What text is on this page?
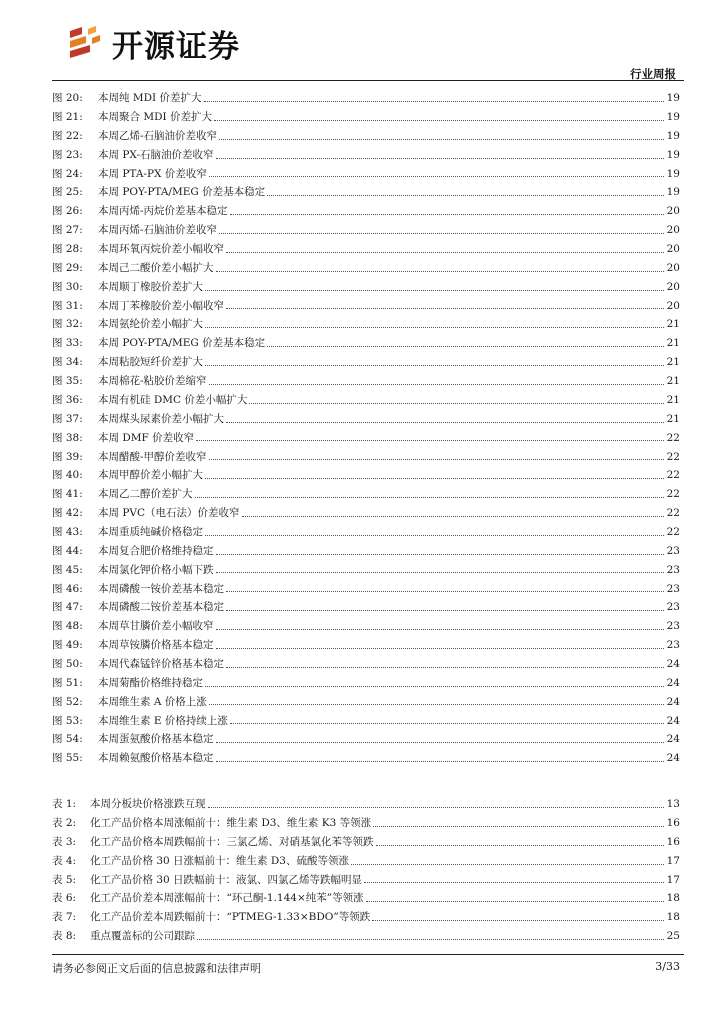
开源证券
行业周报
图 20:	本周纯 MDI 价差扩大	19
图 21:	本周聚合 MDI 价差扩大	19
图 22:	本周乙烯-石脑油价差收窄	19
图 23:	本周 PX-石脑油价差收窄	19
图 24:	本周 PTA-PX 价差收窄	19
图 25:	本周 POY-PTA/MEG 价差基本稳定	19
图 26:	本周丙烯-丙烷价差基本稳定	20
图 27:	本周丙烯-石脑油价差收窄	20
图 28:	本周环氧丙烷价差小幅收窄	20
图 29:	本周己二酸价差小幅扩大	20
图 30:	本周顺丁橡胶价差扩大	20
图 31:	本周丁苯橡胶价差小幅收窄	20
图 32:	本周氨纶价差小幅扩大	21
图 33:	本周 POY-PTA/MEG 价差基本稳定	21
图 34:	本周粘胶短纤价差扩大	21
图 35:	本周棉花-粘胶价差缩窄	21
图 36:	本周有机硅 DMC 价差小幅扩大	21
图 37:	本周煤头尿素价差小幅扩大	21
图 38:	本周 DMF 价差收窄	22
图 39:	本周醋酸-甲醇价差收窄	22
图 40:	本周甲醇价差小幅扩大	22
图 41:	本周乙二醇价差扩大	22
图 42:	本周 PVC（电石法）价差收窄	22
图 43:	本周重质纯碱价格稳定	22
图 44:	本周复合肥价格维持稳定	23
图 45:	本周氯化钾价格小幅下跌	23
图 46:	本周磷酸一铵价差基本稳定	23
图 47:	本周磷酸二铵价差基本稳定	23
图 48:	本周草甘膦价差小幅收窄	23
图 49:	本周草铵膦价格基本稳定	23
图 50:	本周代森锰锌价格基本稳定	24
图 51:	本周菊酯价格维持稳定	24
图 52:	本周维生素 A 价格上涨	24
图 53:	本周维生素 E 价格持续上涨	24
图 54:	本周蛋氨酸价格基本稳定	24
图 55:	本周赖氨酸价格基本稳定	24
表 1:	本周分板块价格涨跌互现	13
表 2:	化工产品价格本周涨幅前十：维生素 D3、维生素 K3 等领涨	16
表 3:	化工产品价格本周跌幅前十：三氯乙烯、对硝基氯化苯等领跌	16
表 4:	化工产品价格 30 日涨幅前十：维生素 D3、硫酸等领涨	17
表 5:	化工产品价格 30 日跌幅前十：液氯、四氯乙烯等跌幅明显	17
表 6:	化工产品价差本周涨幅前十：“环己酮-1.144×纯苯”等领涨	18
表 7:	化工产品价差本周跌幅前十：“PTMEG-1.33×BDO”等领跌	18
表 8:	重点覆盖标的公司跟踪	25
请务必参阅正文后面的信息披露和法律声明	3/33
